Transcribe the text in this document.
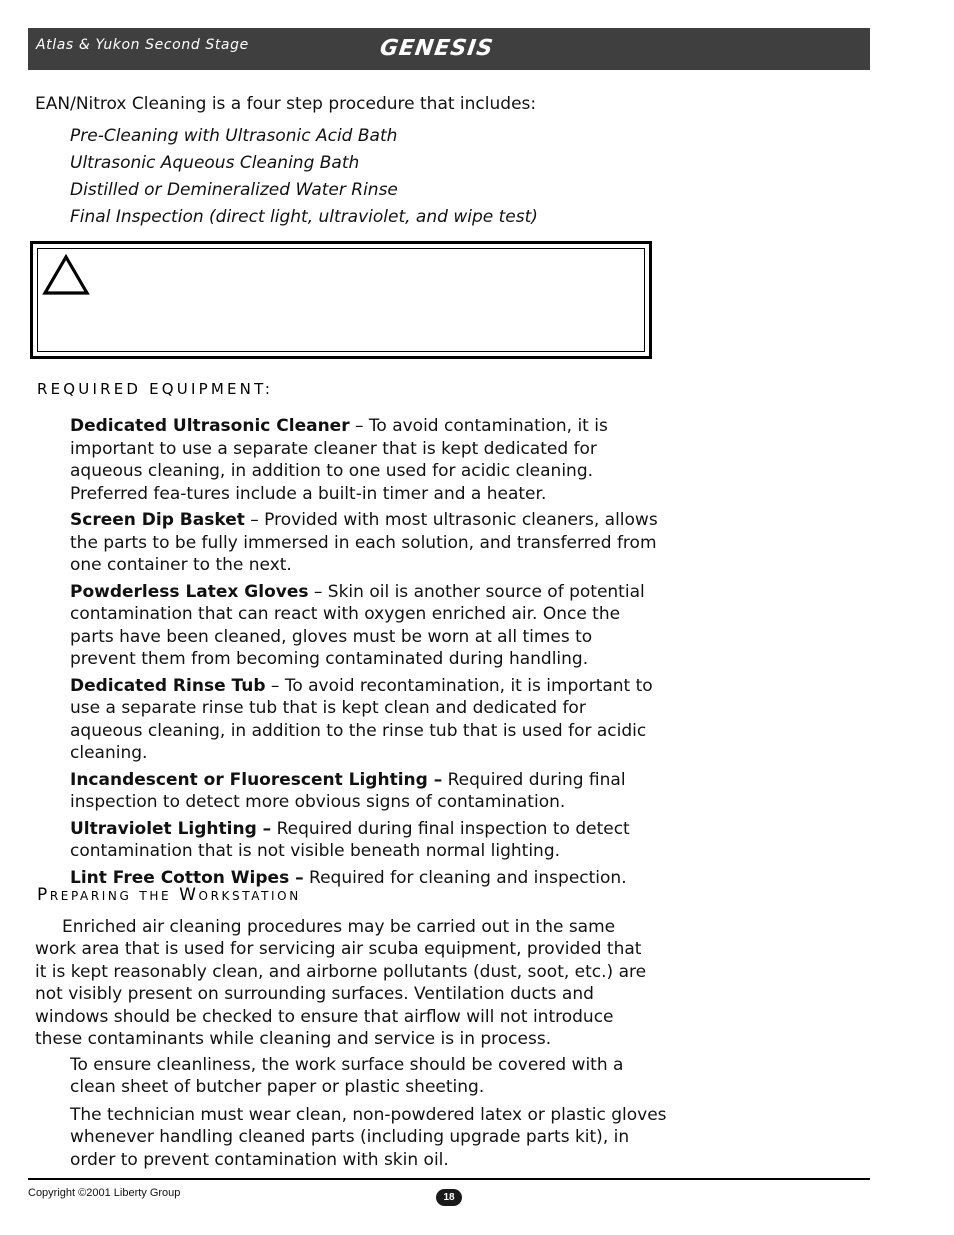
Atlas & Yukon Second Stage	GENESIS
EAN/Nitrox Cleaning is a four step procedure that includes:
Pre-Cleaning with Ultrasonic Acid Bath
Ultrasonic Aqueous Cleaning Bath
Distilled or Demineralized Water Rinse
Final Inspection (direct light, ultraviolet, and wipe test)
REQUIRED EQUIPMENT:

Dedicated Ultrasonic Cleaner – To avoid contamination, it is important to use a separate cleaner that is kept dedicated for aqueous cleaning, in addition to one used for acidic cleaning. Preferred fea-tures include a built-in timer and a heater.

Screen Dip Basket – Provided with most ultrasonic cleaners, allows the parts to be fully immersed in each solution, and transferred from one container to the next.

Powderless Latex Gloves – Skin oil is another source of potential contamination that can react with oxygen enriched air. Once the parts have been cleaned, gloves must be worn at all times to prevent them from becoming contaminated during handling.

Dedicated Rinse Tub – To avoid recontamination, it is important to use a separate rinse tub that is kept clean and dedicated for aqueous cleaning, in addition to the rinse tub that is used for acidic cleaning.

Incandescent or Fluorescent Lighting – Required during final inspection to detect more obvious signs of contamination.

Ultraviolet Lighting – Required during final inspection to detect contamination that is not visible beneath normal lighting.

Lint Free Cotton Wipes – Required for cleaning and inspection.

Preparing the Workstation
Enriched air cleaning procedures may be carried out in the same work area that is used for servicing air scuba equipment, provided that it is kept reasonably clean, and airborne pollutants (dust, soot, etc.) are not visibly present on surrounding surfaces. Ventilation ducts and windows should be checked to ensure that airflow will not introduce these contaminants while cleaning and service is in process.
To ensure cleanliness, the work surface should be covered with a clean sheet of butcher paper or plastic sheeting.
The technician must wear clean, non-powdered latex or plastic gloves whenever handling cleaned parts (including upgrade parts kit), in order to prevent contamination with skin oil.
Copyright ©2001 Liberty Group	18
